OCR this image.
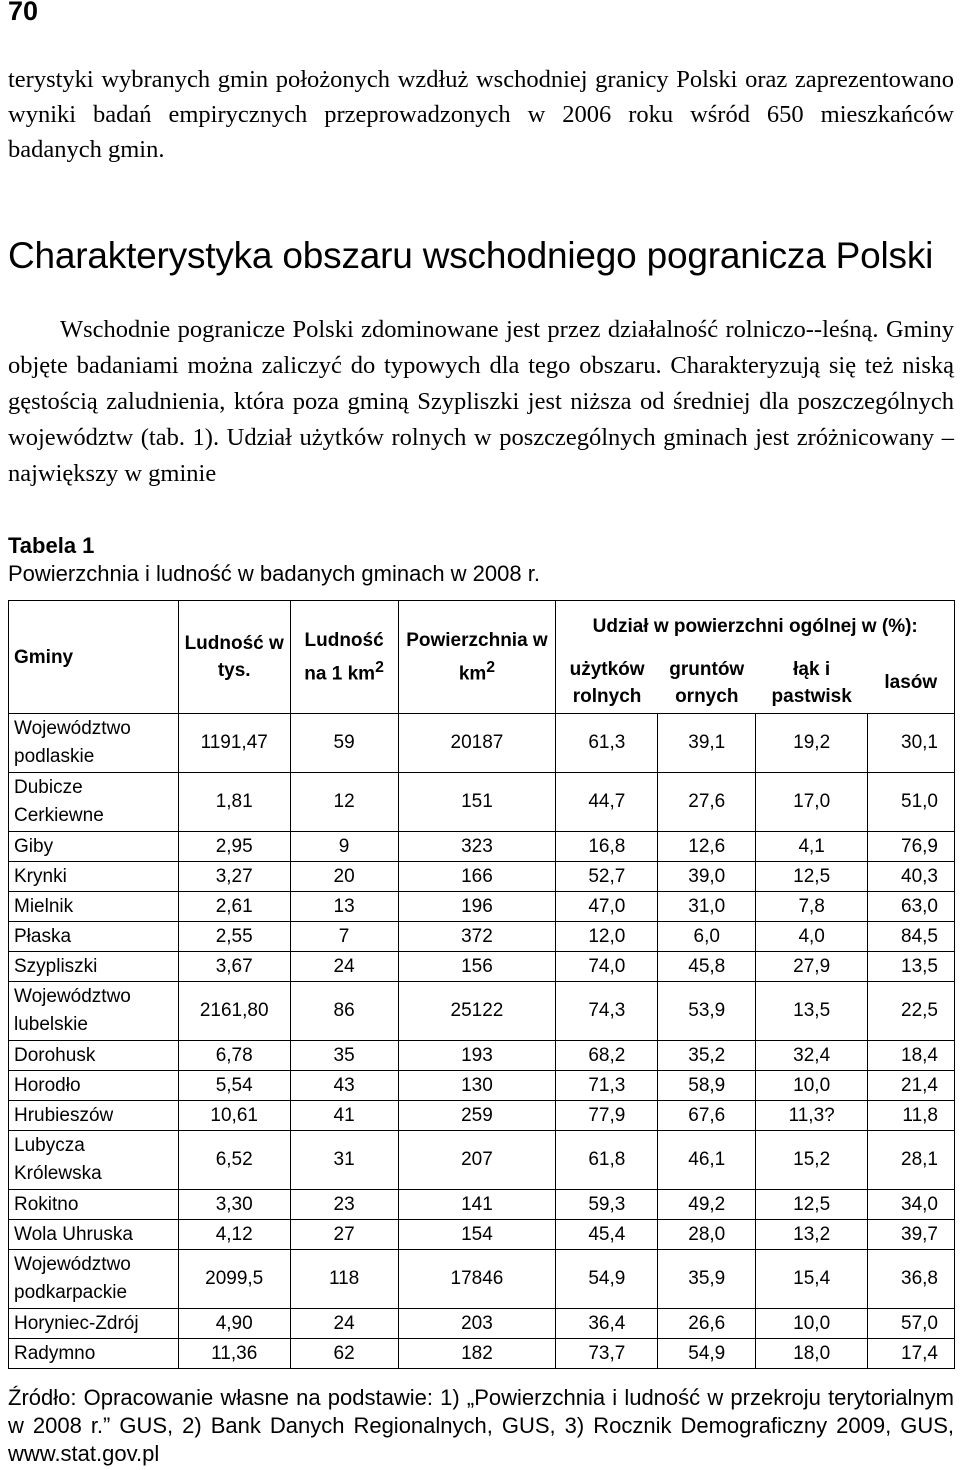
70
terystyki wybranych gmin położonych wzdłuż wschodniej granicy Polski oraz zaprezentowano wyniki badań empirycznych przeprowadzonych w 2006 roku wśród 650 mieszkańców badanych gmin.
Charakterystyka obszaru wschodniego pogranicza Polski

Wschodnie pogranicze Polski zdominowane jest przez działalność rolniczo--leśną. Gminy objęte badaniami można zaliczyć do typowych dla tego obszaru. Charakteryzują się też niską gęstością zaludnienia, która poza gminą Szypliszki jest niższa od średniej dla poszczególnych województw (tab. 1). Udział użytków rolnych w poszczególnych gminach jest zróżnicowany – największy w gminie

Tabela 1
Powierzchnia i ludność w badanych gminach w 2008 r.
Gminy	Ludność w tys.	Ludność na 1 $km^2$	Powierzchnia w $km^2$	Udział w powierzchni ogólnej w (%):			
				użytków rolnych	gruntów ornych	łąk i pastwisk	lasów
Województwo podlaskie	1191,47	59	20187	61,3	39,1	19,2	30,1
Dubicze Cerkiewne	1,81	12	151	44,7	27,6	17,0	51,0
Giby	2,95	9	323	16,8	12,6	4,1	76,9
Krynki	3,27	20	166	52,7	39,0	12,5	40,3
Mielnik	2,61	13	196	47,0	31,0	7,8	63,0
Płaska	2,55	7	372	12,0	6,0	4,0	84,5
Szypliszki	3,67	24	156	74,0	45,8	27,9	13,5
Województwo lubelskie	2161,80	86	25122	74,3	53,9	13,5	22,5
Dorohusk	6,78	35	193	68,2	35,2	32,4	18,4
Horodło	5,54	43	130	71,3	58,9	10,0	21,4
Hrubieszów	10,61	41	259	77,9	67,6	11,3?	11,8
Lubycza Królewska	6,52	31	207	61,8	46,1	15,2	28,1
Rokitno	3,30	23	141	59,3	49,2	12,5	34,0
Wola Uhruska	4,12	27	154	45,4	28,0	13,2	39,7
Województwo podkarpackie	2099,5	118	17846	54,9	35,9	15,4	36,8
Horyniec-Zdrój	4,90	24	203	36,4	26,6	10,0	57,0
Radymno	11,36	62	182	73,7	54,9	18,0	17,4
Źródło: Opracowanie własne na podstawie: 1) „Powierzchnia i ludność w przekroju terytorialnym w 2008 r.” GUS, 2) Bank Danych Regionalnych, GUS, 3) Rocznik Demograficzny 2009, GUS, www.stat.gov.pl
